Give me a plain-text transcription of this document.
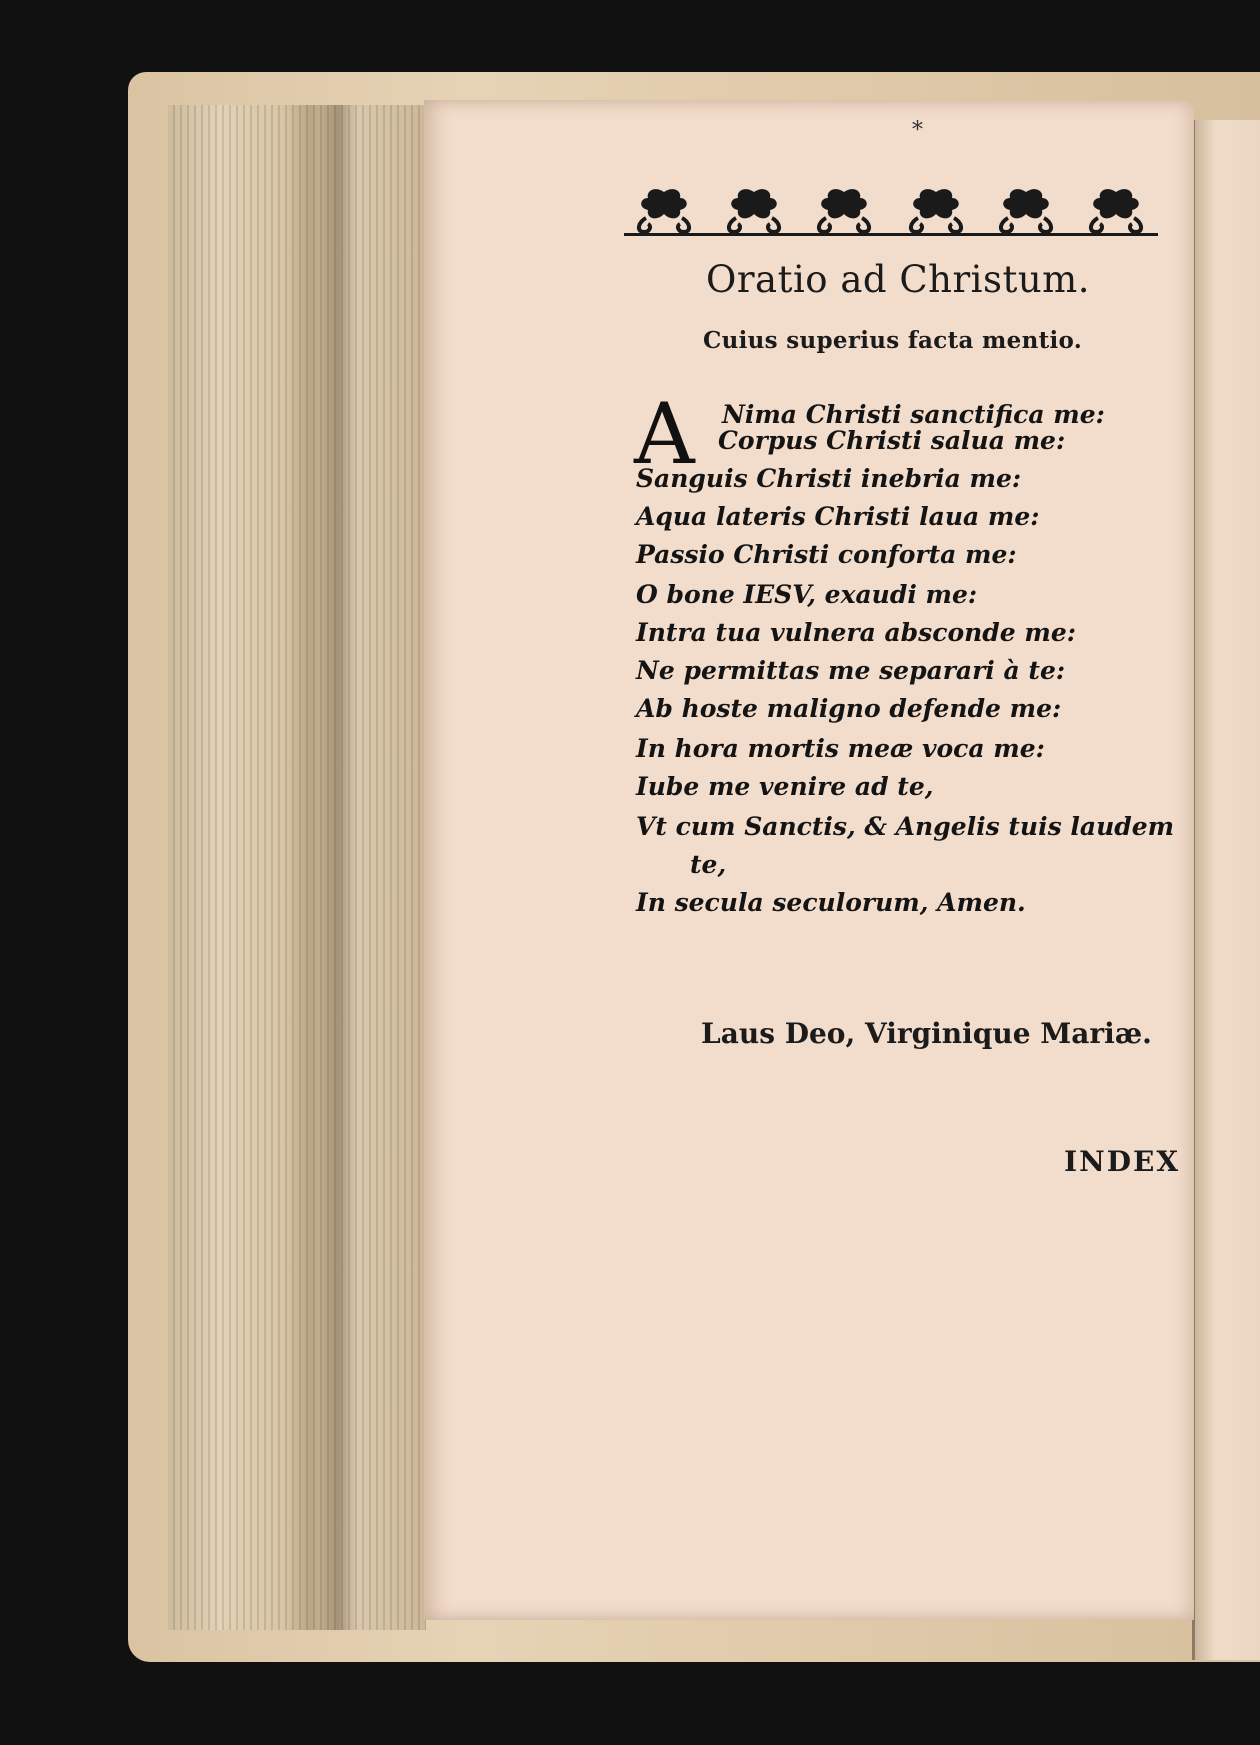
*
Oratio ad Christum.
Cuius superius facta mentio.
A Nima Christi sanctifica me:
Corpus Christi salua me:
Sanguis Christi inebria me:
Aqua lateris Christi laua me:
Passio Christi conforta me:
O bone IESV, exaudi me:
Intra tua vulnera absconde me:
Ne permittas me separari à te:
Ab hoste maligno defende me:
In hora mortis meæ voca me:
Iube me venire ad te,
Vt cum Sanctis, & Angelis tuis laudem
te,
In secula seculorum, Amen.
Laus Deo, Virginique Mariæ.
INDEX
